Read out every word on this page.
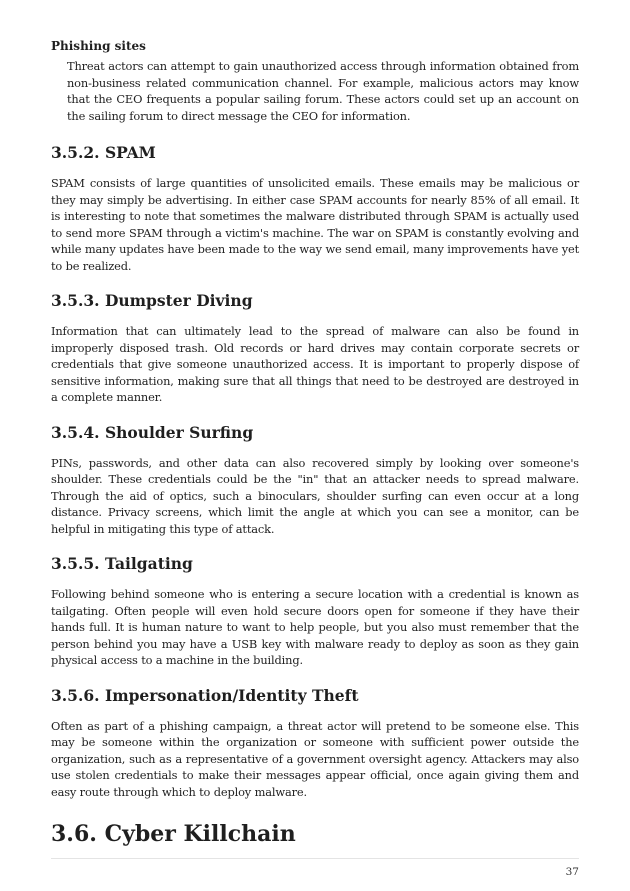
Phishing sites
Threat actors can attempt to gain unauthorized access through information obtained from non-business related communication channel. For example, malicious actors may know that the CEO frequents a popular sailing forum. These actors could set up an account on the sailing forum to direct message the CEO for information.
3.5.2. SPAM

SPAM consists of large quantities of unsolicited emails. These emails may be malicious or they may simply be advertising. In either case SPAM accounts for nearly 85% of all email. It is interesting to note that sometimes the malware distributed through SPAM is actually used to send more SPAM through a victim's machine. The war on SPAM is constantly evolving and while many updates have been made to the way we send email, many improvements have yet to be realized.

3.5.3. Dumpster Diving

Information that can ultimately lead to the spread of malware can also be found in improperly disposed trash. Old records or hard drives may contain corporate secrets or credentials that give someone unauthorized access. It is important to properly dispose of sensitive information, making sure that all things that need to be destroyed are destroyed in a complete manner.

3.5.4. Shoulder Surfing

PINs, passwords, and other data can also recovered simply by looking over someone's shoulder. These credentials could be the "in" that an attacker needs to spread malware. Through the aid of optics, such a binoculars, shoulder surfing can even occur at a long distance. Privacy screens, which limit the angle at which you can see a monitor, can be helpful in mitigating this type of attack.

3.5.5. Tailgating

Following behind someone who is entering a secure location with a credential is known as tailgating. Often people will even hold secure doors open for someone if they have their hands full. It is human nature to want to help people, but you also must remember that the person behind you may have a USB key with malware ready to deploy as soon as they gain physical access to a machine in the building.

3.5.6. Impersonation/Identity Theft

Often as part of a phishing campaign, a threat actor will pretend to be someone else. This may be someone within the organization or someone with sufficient power outside the organization, such as a representative of a government oversight agency. Attackers may also use stolen credentials to make their messages appear official, once again giving them and easy route through which to deploy malware.

3.6. Cyber Killchain
37
